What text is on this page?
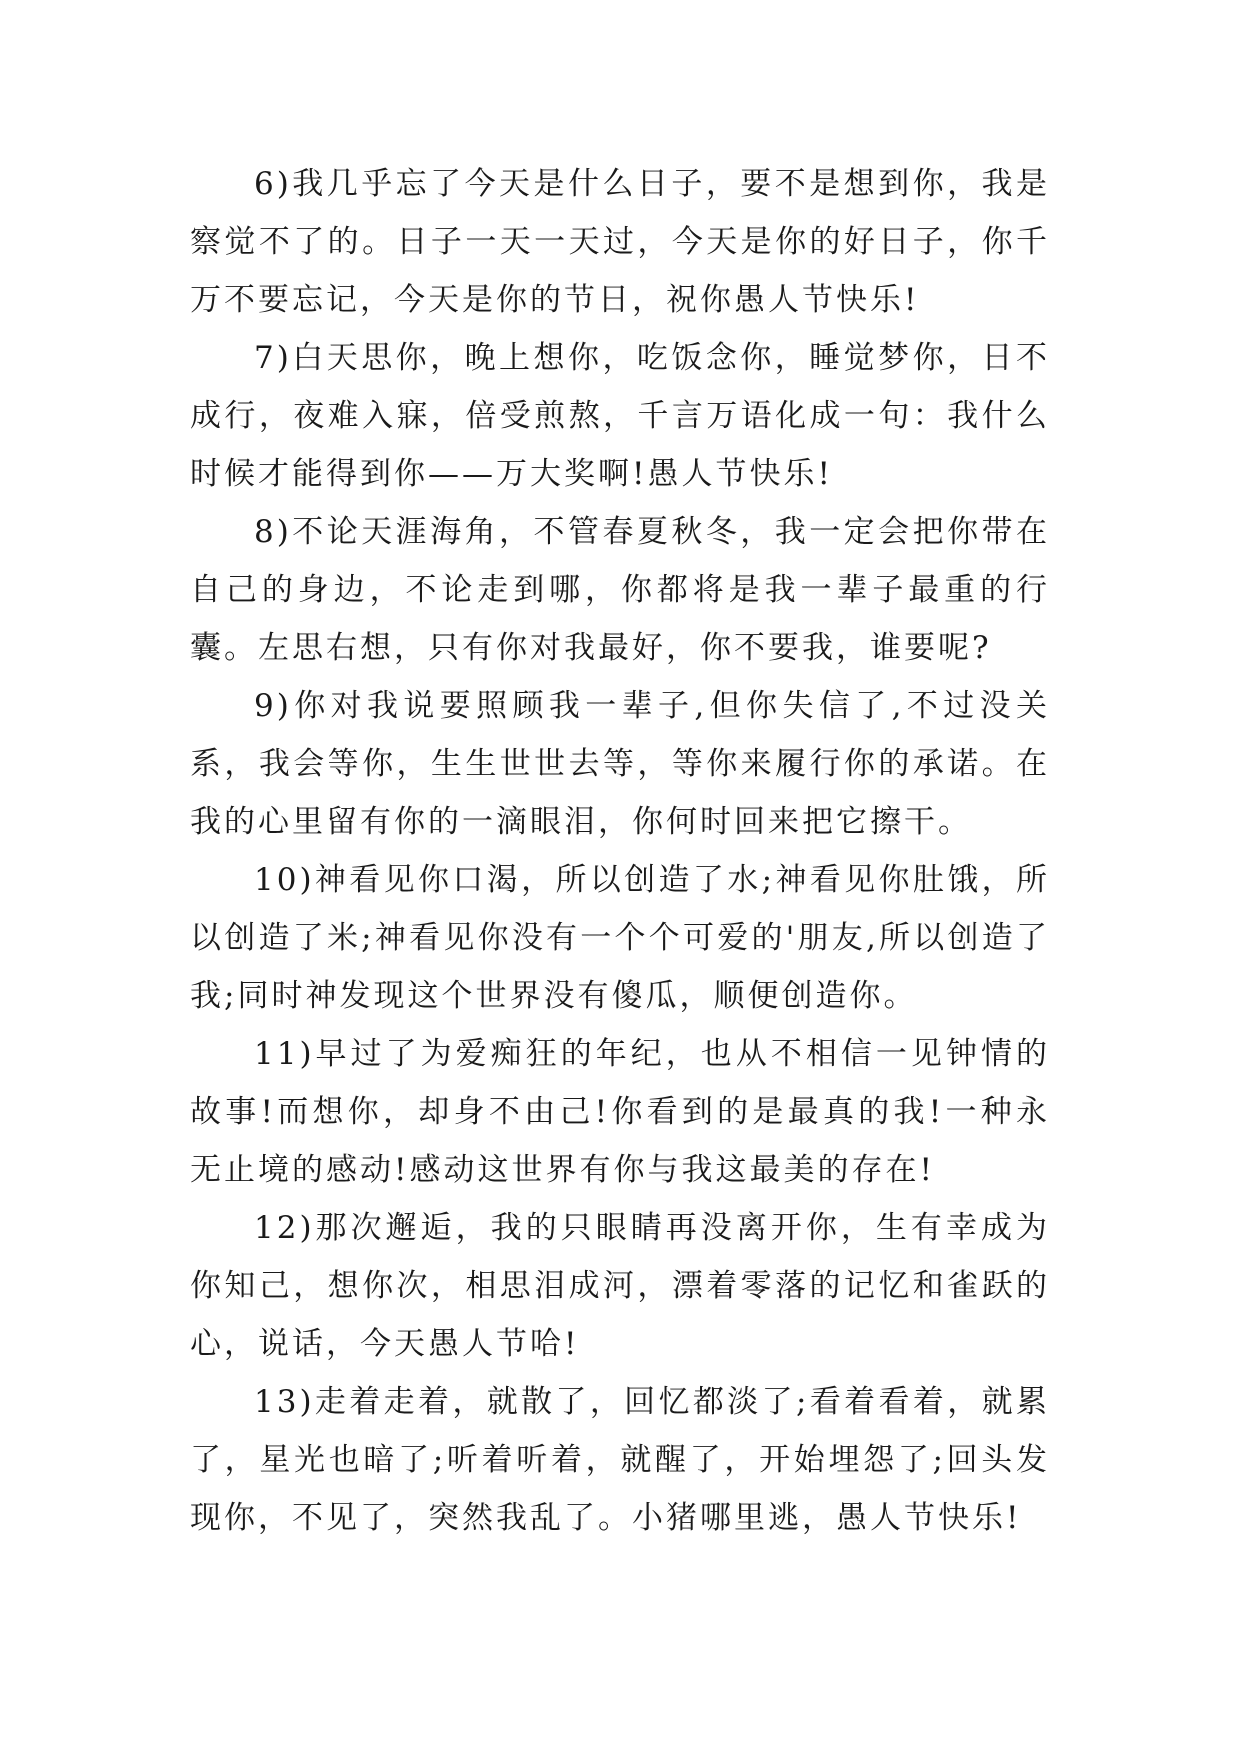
6)我几乎忘了今天是什么日子，要不是想到你，我是察觉不了的。日子一天一天过，今天是你的好日子，你千万不要忘记，今天是你的节日，祝你愚人节快乐!

7)白天思你，晚上想你，吃饭念你，睡觉梦你，日不成行，夜难入寐，倍受煎熬，千言万语化成一句：我什么时候才能得到你——万大奖啊!愚人节快乐!

8)不论天涯海角，不管春夏秋冬，我一定会把你带在自己的身边，不论走到哪，你都将是我一辈子最重的行囊。左思右想，只有你对我最好，你不要我，谁要呢?

9)你对我说要照顾我一辈子,但你失信了,不过没关系，我会等你，生生世世去等，等你来履行你的承诺。在我的心里留有你的一滴眼泪，你何时回来把它擦干。

10)神看见你口渴，所以创造了水;神看见你肚饿，所以创造了米;神看见你没有一个个可爱的'朋友,所以创造了我;同时神发现这个世界没有傻瓜，顺便创造你。

11)早过了为爱痴狂的年纪，也从不相信一见钟情的故事!而想你，却身不由己!你看到的是最真的我!一种永无止境的感动!感动这世界有你与我这最美的存在!

12)那次邂逅，我的只眼睛再没离开你，生有幸成为你知己，想你次，相思泪成河，漂着零落的记忆和雀跃的心，说话，今天愚人节哈!

13)走着走着，就散了，回忆都淡了;看着看着，就累了，星光也暗了;听着听着，就醒了，开始埋怨了;回头发现你，不见了，突然我乱了。小猪哪里逃，愚人节快乐!
